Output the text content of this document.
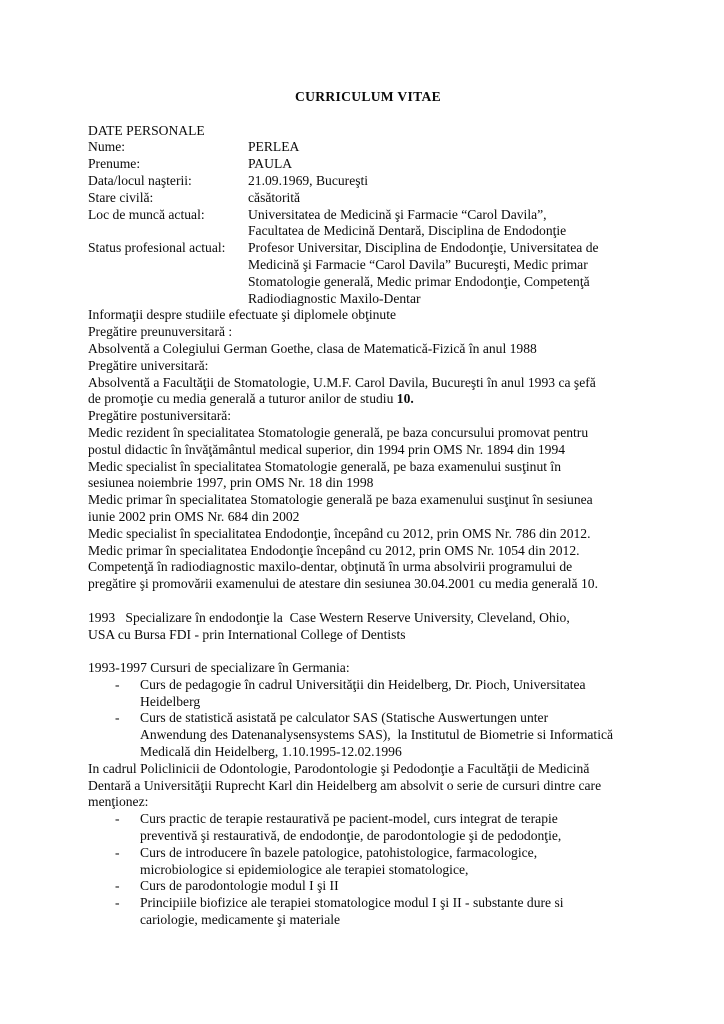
CURRICULUM VITAE
DATE PERSONALE
Nume:	PERLEA
Prenume:	PAULA
Data/locul naşterii:	21.09.1969, Bucureşti
Stare civilă:	căsătorită
Loc de muncă actual:	Universitatea de Medicină şi Farmacie “Carol Davila”,
Facultatea de Medicină Dentară, Disciplina de Endodonţie
Status profesional actual:	Profesor Universitar, Disciplina de Endodonţie, Universitatea de
Medicină şi Farmacie “Carol Davila” Bucureşti, Medic primar
Stomatologie generală, Medic primar Endodonţie, Competenţă
Radiodiagnostic Maxilo-Dentar
Informaţii despre studiile efectuate şi diplomele obţinute
Pregătire preunuversitară :
Absolventă a Colegiului German Goethe, clasa de Matematică-Fizică în anul 1988
Pregătire universitară:
Absolventă a Facultăţii de Stomatologie, U.M.F. Carol Davila, Bucureşti în anul 1993 ca şefă
de promoţie cu media generală a tuturor anilor de studiu 10.
Pregătire postuniversitară:
Medic rezident în specialitatea Stomatologie generală, pe baza concursului promovat pentru
postul didactic în învăţământul medical superior, din 1994 prin OMS Nr. 1894 din 1994
Medic specialist în specialitatea Stomatologie generală, pe baza examenului susţinut în
sesiunea noiembrie 1997, prin OMS Nr. 18 din 1998
Medic primar în specialitatea Stomatologie generală pe baza examenului susţinut în sesiunea
iunie 2002 prin OMS Nr. 684 din 2002
Medic specialist în specialitatea Endodonţie, începând cu 2012, prin OMS Nr. 786 din 2012.
Medic primar în specialitatea Endodonţie începând cu 2012, prin OMS Nr. 1054 din 2012.
Competenţă în radiodiagnostic maxilo-dentar, obţinută în urma absolvirii programului de
pregătire şi promovării examenului de atestare din sesiunea 30.04.2001 cu media generală 10.
1993   Specializare în endodonţie la  Case Western Reserve University, Cleveland, Ohio,
USA cu Bursa FDI - prin International College of Dentists
1993-1997 Cursuri de specializare în Germania:
-	Curs de pedagogie în cadrul Universităţii din Heidelberg, Dr. Pioch, Universitatea
Heidelberg
-	Curs de statistică asistată pe calculator SAS (Statische Auswertungen unter
Anwendung des Datenanalysensystems SAS),  la Institutul de Biometrie si Informatică
Medicală din Heidelberg, 1.10.1995-12.02.1996
In cadrul Policlinicii de Odontologie, Parodontologie şi Pedodonţie a Facultăţii de Medicină
Dentară a Universităţii Ruprecht Karl din Heidelberg am absolvit o serie de cursuri dintre care
menţionez:
-	Curs practic de terapie restaurativă pe pacient-model, curs integrat de terapie
preventivă şi restaurativă, de endodonţie, de parodontologie şi de pedodonţie,
-	Curs de introducere în bazele patologice, patohistologice, farmacologice,
microbiologice si epidemiologice ale terapiei stomatologice,
-	Curs de parodontologie modul I şi II
-	Principiile biofizice ale terapiei stomatologice modul I şi II - substante dure si
cariologie, medicamente şi materiale
